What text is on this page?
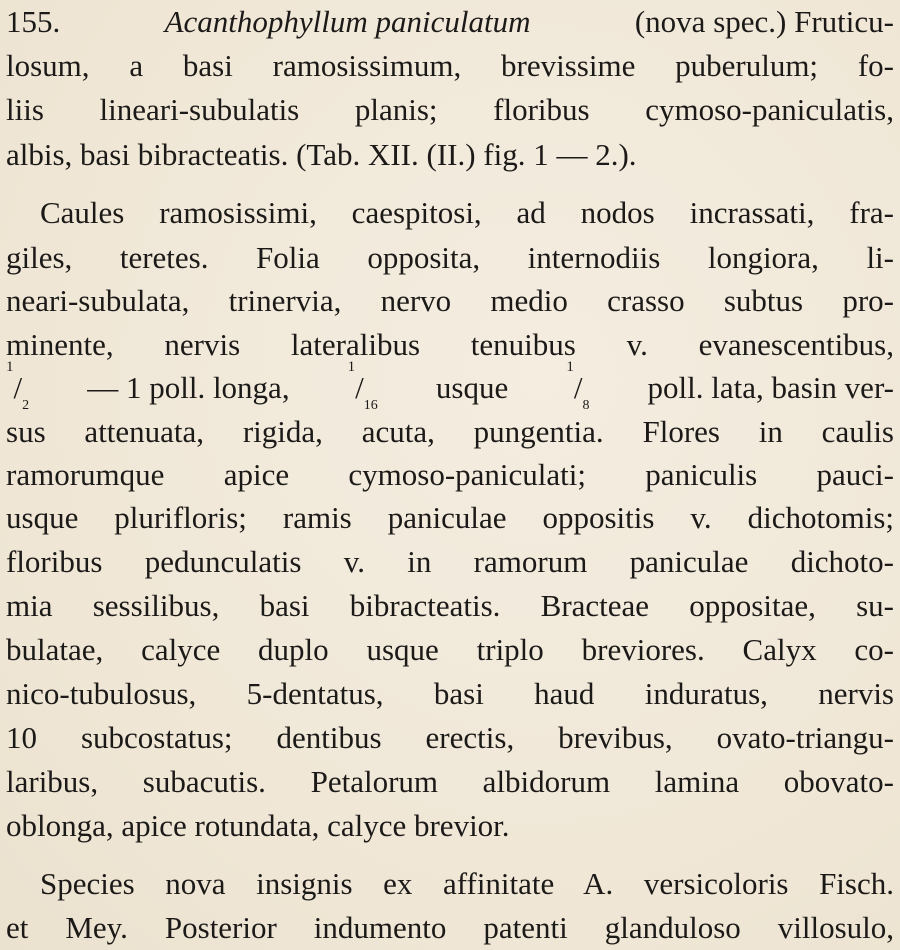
155.	Acanthophyllum paniculatum	(nova spec.) Fruticu-
losum, a basi ramosissimum, brevissime puberulum; fo-
liis lineari-subulatis planis; floribus cymoso-paniculatis,
albis, basi bibracteatis. (Tab. XII. (II.) fig. 1 — 2.).
Caules ramosissimi, caespitosi, ad nodos incrassati, fra-
giles, teretes. Folia opposita, internodiis longiora, li-
neari-subulata, trinervia, nervo medio crasso subtus pro-
minente, nervis lateralibus tenuibus v. evanescentibus,
$^1/_2$
— 1 poll. longa,
$^1/_{16}$
usque
$^1/_8$
poll. lata, basin ver-
sus attenuata, rigida, acuta, pungentia. Flores in caulis
ramorumque apice cymoso-paniculati; paniculis pauci-
usque plurifloris; ramis paniculae oppositis v. dichotomis;
floribus pedunculatis v. in ramorum paniculae dichoto-
mia sessilibus, basi bibracteatis. Bracteae oppositae, su-
bulatae, calyce duplo usque triplo breviores. Calyx co-
nico-tubulosus, 5-dentatus, basi haud induratus, nervis
10 subcostatus; dentibus erectis, brevibus, ovato-triangu-
laribus, subacutis. Petalorum albidorum lamina obovato-
oblonga, apice rotundata, calyce brevior.
Species nova insignis ex affinitate A. versicoloris Fisch.
et Mey. Posterior indumento patenti glanduloso villosulo,
